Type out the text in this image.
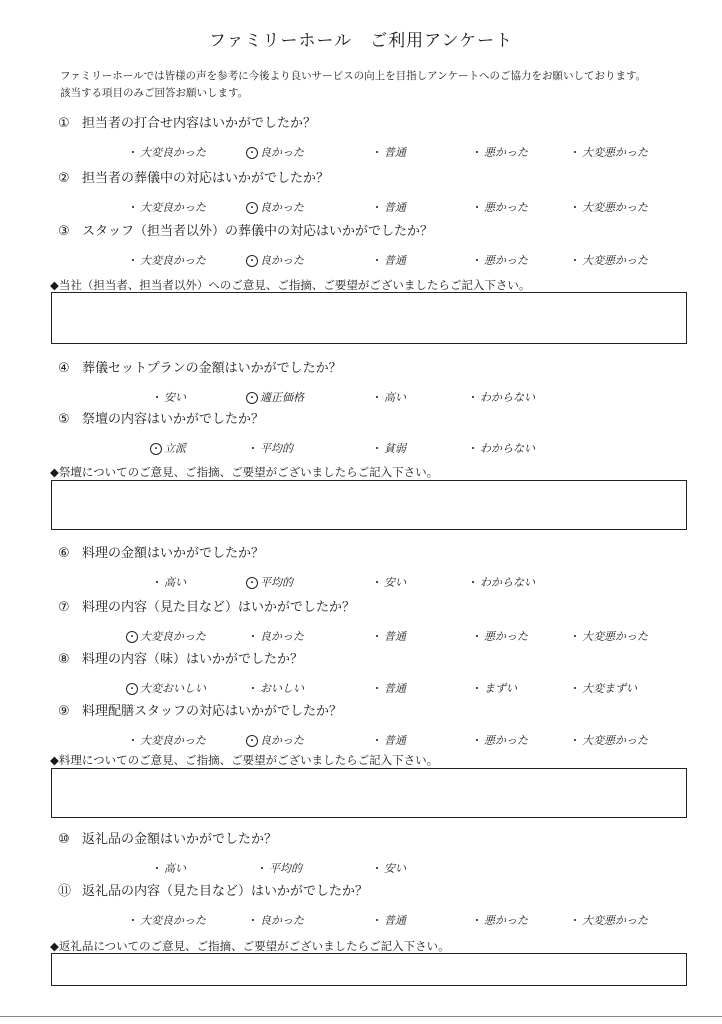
ファミリーホール　ご利用アンケート
ファミリーホールでは皆様の声を参考に今後より良いサービスの向上を目指しアンケートへのご協力をお願いしております。
該当する項目のみご回答お願いします。
① 担当者の打合せ内容はいかがでしたか？
・ 大変良かった	・ 良かった	・ 普通	・ 悪かった	・ 大変悪かった
② 担当者の葬儀中の対応はいかがでしたか？
・ 大変良かった	・ 良かった	・ 普通	・ 悪かった	・ 大変悪かった
③ スタッフ（担当者以外）の葬儀中の対応はいかがでしたか？
・ 大変良かった	・ 良かった	・ 普通	・ 悪かった	・ 大変悪かった
④ 葬儀セットプランの金額はいかがでしたか？
・ 安い	・ 適正価格	・ 高い	・ わからない
⑤ 祭壇の内容はいかがでしたか？
・ 立派	・ 平均的	・ 貧弱	・ わからない
⑥ 料理の金額はいかがでしたか？
・ 高い	・ 平均的	・ 安い	・ わからない
⑦ 料理の内容（見た目など）はいかがでしたか？
・ 大変良かった	・ 良かった	・ 普通	・ 悪かった	・ 大変悪かった
⑧ 料理の内容（味）はいかがでしたか？
・ 大変おいしい	・ おいしい	・ 普通	・ まずい	・ 大変まずい
⑨ 料理配膳スタッフの対応はいかがでしたか？
・ 大変良かった	・ 良かった	・ 普通	・ 悪かった	・ 大変悪かった
⑩ 返礼品の金額はいかがでしたか？
・ 高い	・ 平均的	・ 安い
⑪ 返礼品の内容（見た目など）はいかがでしたか？
・ 大変良かった	・ 良かった	・ 普通	・ 悪かった	・ 大変悪かった
◆当社（担当者、担当者以外）へのご意見、ご指摘、ご要望がございましたらご記入下さい。
◆祭壇についてのご意見、ご指摘、ご要望がございましたらご記入下さい。
◆料理についてのご意見、ご指摘、ご要望がございましたらご記入下さい。
◆返礼品についてのご意見、ご指摘、ご要望がございましたらご記入下さい。
